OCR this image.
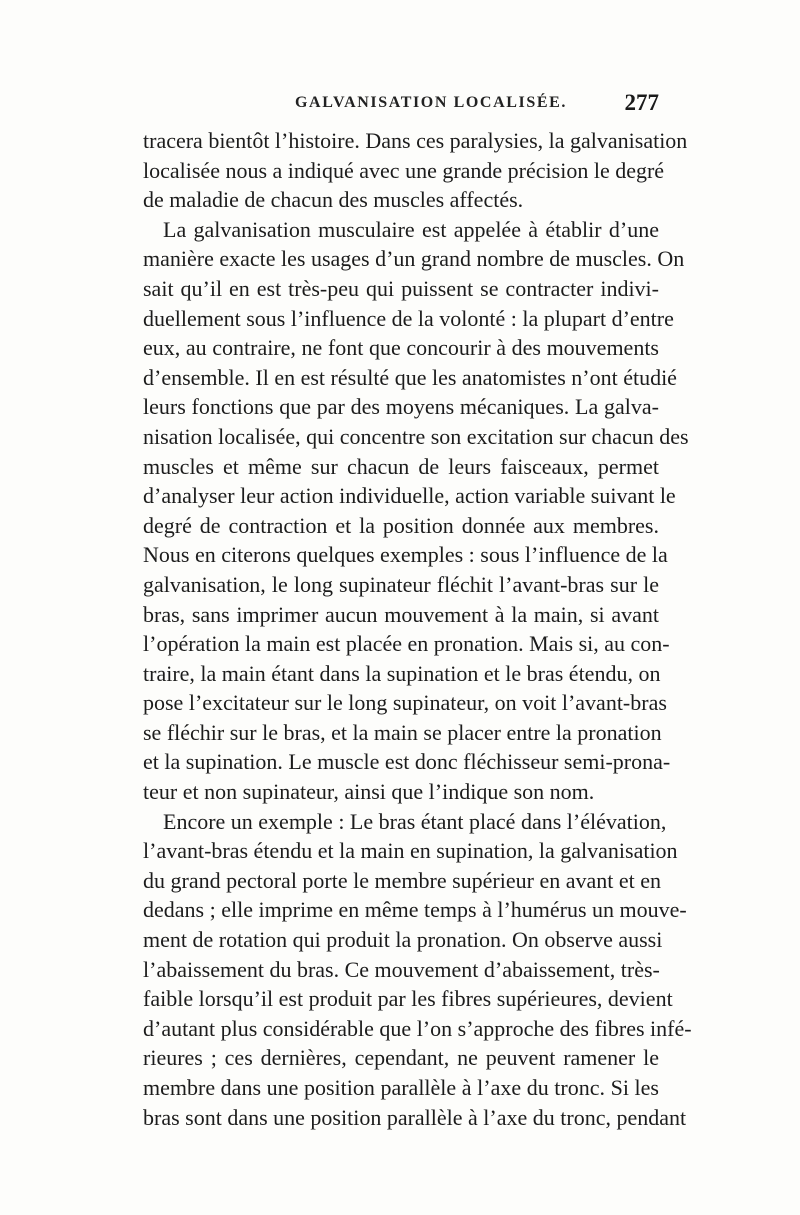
GALVANISATION LOCALISÉE.	277
tracera bientôt l’histoire. Dans ces paralysies, la galvanisation
localisée nous a indiqué avec une grande précision le degré
de maladie de chacun des muscles affectés.
La galvanisation musculaire est appelée à établir d’une
manière exacte les usages d’un grand nombre de muscles. On
sait qu’il en est très-peu qui puissent se contracter indivi-
duellement sous l’influence de la volonté : la plupart d’entre
eux, au contraire, ne font que concourir à des mouvements
d’ensemble. Il en est résulté que les anatomistes n’ont étudié
leurs fonctions que par des moyens mécaniques. La galva-
nisation localisée, qui concentre son excitation sur chacun des
muscles et même sur chacun de leurs faisceaux, permet
d’analyser leur action individuelle, action variable suivant le
degré de contraction et la position donnée aux membres.
Nous en citerons quelques exemples : sous l’influence de la
galvanisation, le long supinateur fléchit l’avant-bras sur le
bras, sans imprimer aucun mouvement à la main, si avant
l’opération la main est placée en pronation. Mais si, au con-
traire, la main étant dans la supination et le bras étendu, on
pose l’excitateur sur le long supinateur, on voit l’avant-bras
se fléchir sur le bras, et la main se placer entre la pronation
et la supination. Le muscle est donc fléchisseur semi-prona-
teur et non supinateur, ainsi que l’indique son nom.
Encore un exemple : Le bras étant placé dans l’élévation,
l’avant-bras étendu et la main en supination, la galvanisation
du grand pectoral porte le membre supérieur en avant et en
dedans ; elle imprime en même temps à l’humérus un mouve-
ment de rotation qui produit la pronation. On observe aussi
l’abaissement du bras. Ce mouvement d’abaissement, très-
faible lorsqu’il est produit par les fibres supérieures, devient
d’autant plus considérable que l’on s’approche des fibres infé-
rieures ; ces dernières, cependant, ne peuvent ramener le
membre dans une position parallèle à l’axe du tronc. Si les
bras sont dans une position parallèle à l’axe du tronc, pendant
